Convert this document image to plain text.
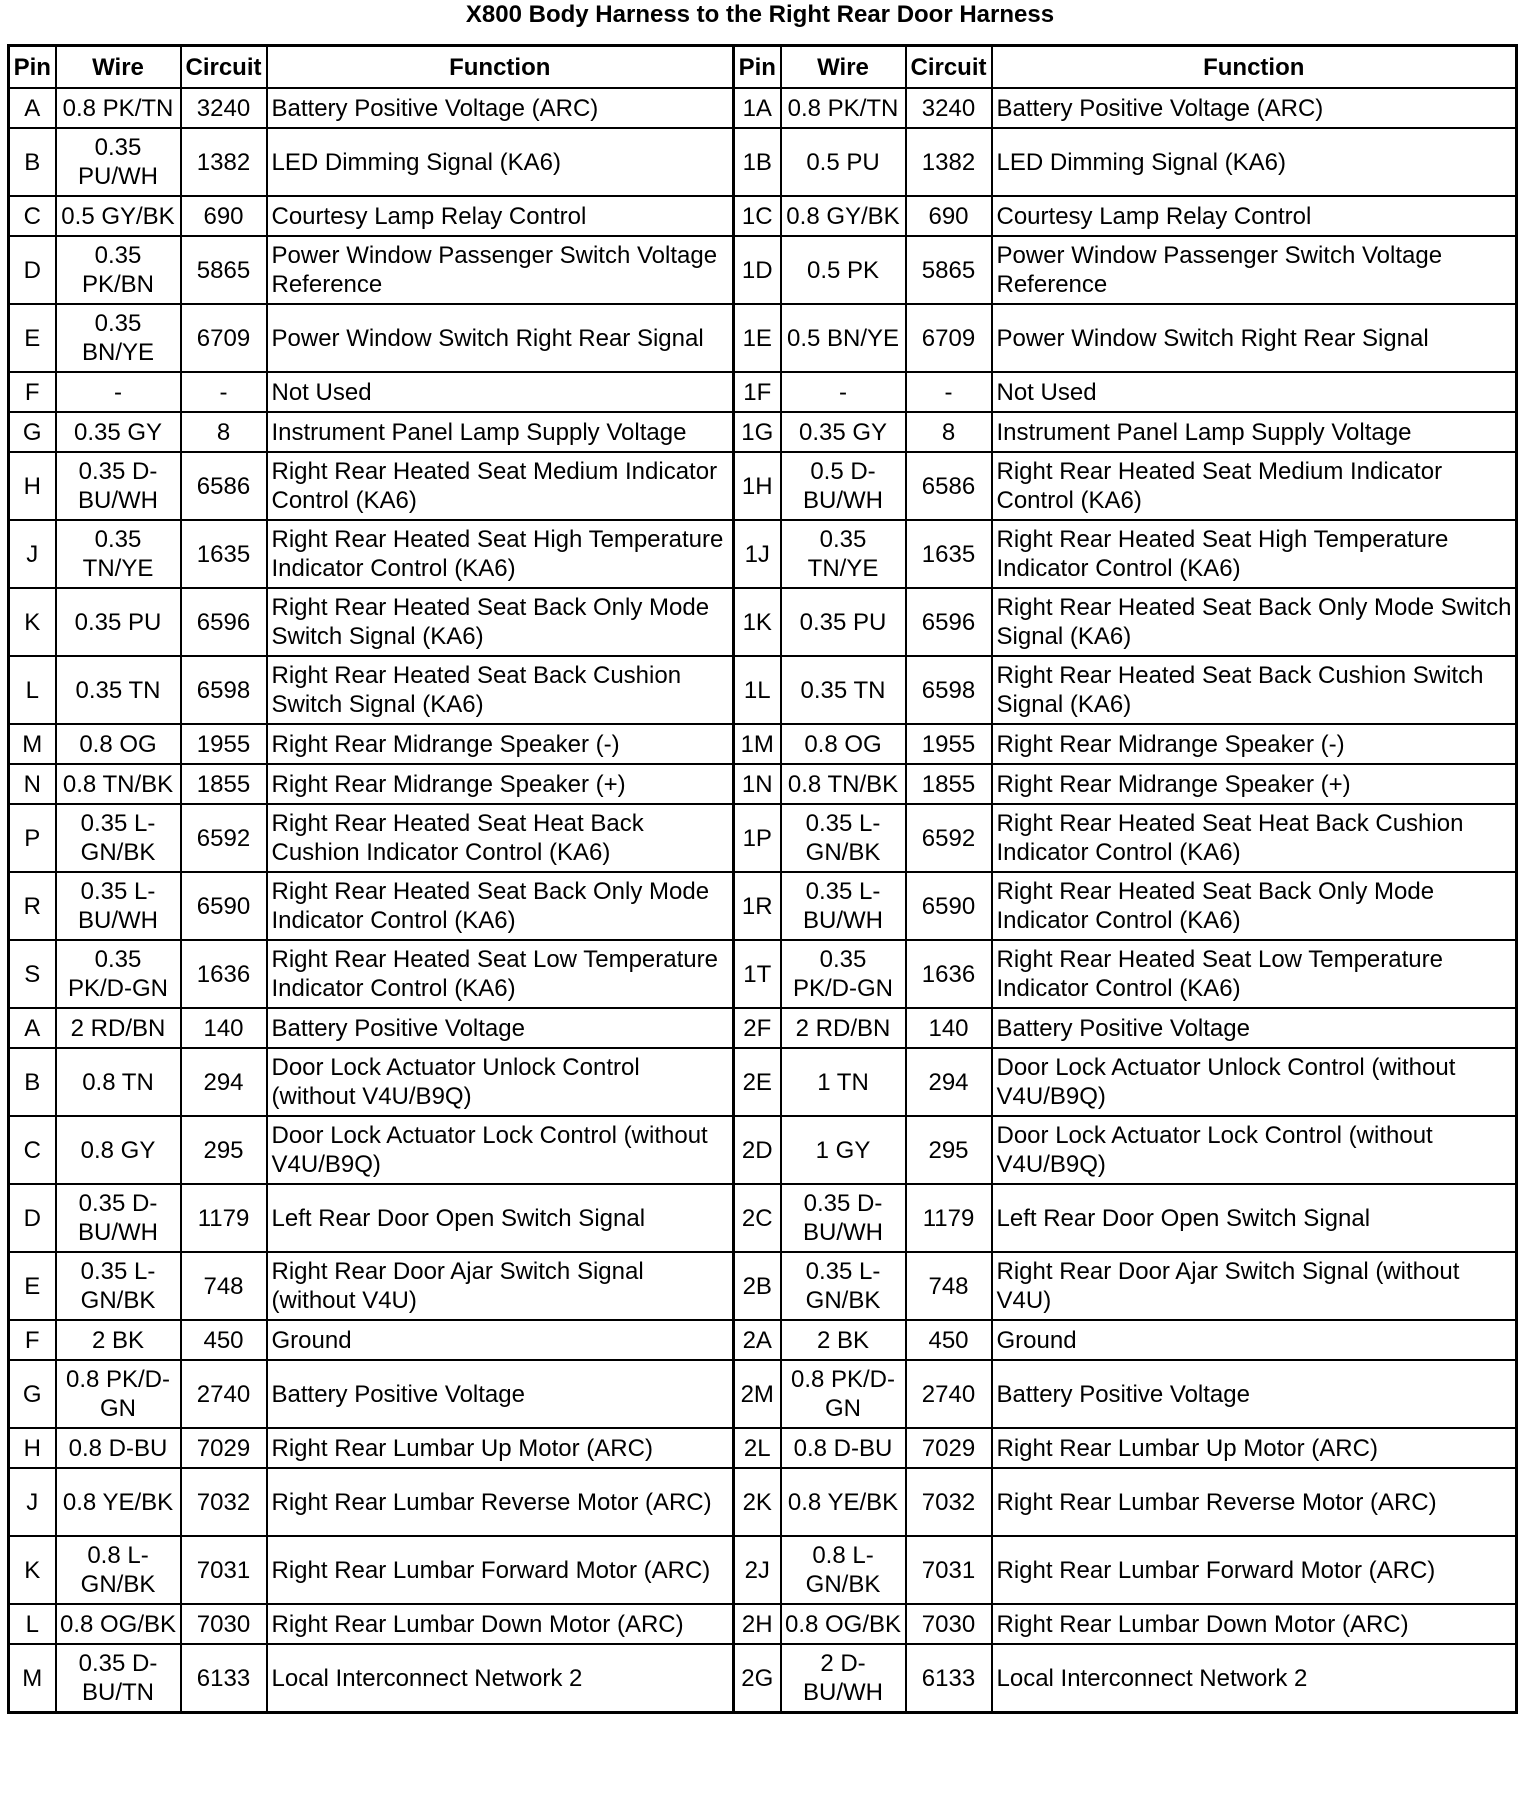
X800 Body Harness to the Right Rear Door Harness
Pin	Wire	Circuit	Function	Pin	Wire	Circuit	Function
A	0.8 PK/TN	3240	Battery Positive Voltage (ARC)	1A	0.8 PK/TN	3240	Battery Positive Voltage (ARC)
B	0.35 PU/WH	1382	LED Dimming Signal (KA6)	1B	0.5 PU	1382	LED Dimming Signal (KA6)
C	0.5 GY/BK	690	Courtesy Lamp Relay Control	1C	0.8 GY/BK	690	Courtesy Lamp Relay Control
D	0.35 PK/BN	5865	Power Window Passenger Switch Voltage Reference	1D	0.5 PK	5865	Power Window Passenger Switch Voltage Reference
E	0.35 BN/YE	6709	Power Window Switch Right Rear Signal	1E	0.5 BN/YE	6709	Power Window Switch Right Rear Signal
F	-	-	Not Used	1F	-	-	Not Used
G	0.35 GY	8	Instrument Panel Lamp Supply Voltage	1G	0.35 GY	8	Instrument Panel Lamp Supply Voltage
H	0.35 D-BU/WH	6586	Right Rear Heated Seat Medium Indicator Control (KA6)	1H	0.5 D-BU/WH	6586	Right Rear Heated Seat Medium Indicator Control (KA6)
J	0.35 TN/YE	1635	Right Rear Heated Seat High Temperature Indicator Control (KA6)	1J	0.35 TN/YE	1635	Right Rear Heated Seat High Temperature Indicator Control (KA6)
K	0.35 PU	6596	Right Rear Heated Seat Back Only Mode Switch Signal (KA6)	1K	0.35 PU	6596	Right Rear Heated Seat Back Only Mode Switch Signal (KA6)
L	0.35 TN	6598	Right Rear Heated Seat Back Cushion Switch Signal (KA6)	1L	0.35 TN	6598	Right Rear Heated Seat Back Cushion Switch Signal (KA6)
M	0.8 OG	1955	Right Rear Midrange Speaker (-)	1M	0.8 OG	1955	Right Rear Midrange Speaker (-)
N	0.8 TN/BK	1855	Right Rear Midrange Speaker (+)	1N	0.8 TN/BK	1855	Right Rear Midrange Speaker (+)
P	0.35 L-GN/BK	6592	Right Rear Heated Seat Heat Back Cushion Indicator Control (KA6)	1P	0.35 L-GN/BK	6592	Right Rear Heated Seat Heat Back Cushion Indicator Control (KA6)
R	0.35 L-BU/WH	6590	Right Rear Heated Seat Back Only Mode Indicator Control (KA6)	1R	0.35 L-BU/WH	6590	Right Rear Heated Seat Back Only Mode Indicator Control (KA6)
S	0.35 PK/D-GN	1636	Right Rear Heated Seat Low Temperature Indicator Control (KA6)	1T	0.35 PK/D-GN	1636	Right Rear Heated Seat Low Temperature Indicator Control (KA6)
A	2 RD/BN	140	Battery Positive Voltage	2F	2 RD/BN	140	Battery Positive Voltage
B	0.8 TN	294	Door Lock Actuator Unlock Control (without V4U/B9Q)	2E	1 TN	294	Door Lock Actuator Unlock Control (without V4U/B9Q)
C	0.8 GY	295	Door Lock Actuator Lock Control (without V4U/B9Q)	2D	1 GY	295	Door Lock Actuator Lock Control (without V4U/B9Q)
D	0.35 D-BU/WH	1179	Left Rear Door Open Switch Signal	2C	0.35 D-BU/WH	1179	Left Rear Door Open Switch Signal
E	0.35 L-GN/BK	748	Right Rear Door Ajar Switch Signal (without V4U)	2B	0.35 L-GN/BK	748	Right Rear Door Ajar Switch Signal (without V4U)
F	2 BK	450	Ground	2A	2 BK	450	Ground
G	0.8 PK/D-GN	2740	Battery Positive Voltage	2M	0.8 PK/D-GN	2740	Battery Positive Voltage
H	0.8 D-BU	7029	Right Rear Lumbar Up Motor (ARC)	2L	0.8 D-BU	7029	Right Rear Lumbar Up Motor (ARC)
J	0.8 YE/BK	7032	Right Rear Lumbar Reverse Motor (ARC)	2K	0.8 YE/BK	7032	Right Rear Lumbar Reverse Motor (ARC)
K	0.8 L-GN/BK	7031	Right Rear Lumbar Forward Motor (ARC)	2J	0.8 L-GN/BK	7031	Right Rear Lumbar Forward Motor (ARC)
L	0.8 OG/BK	7030	Right Rear Lumbar Down Motor (ARC)	2H	0.8 OG/BK	7030	Right Rear Lumbar Down Motor (ARC)
M	0.35 D-BU/TN	6133	Local Interconnect Network 2	2G	2 D-BU/WH	6133	Local Interconnect Network 2
